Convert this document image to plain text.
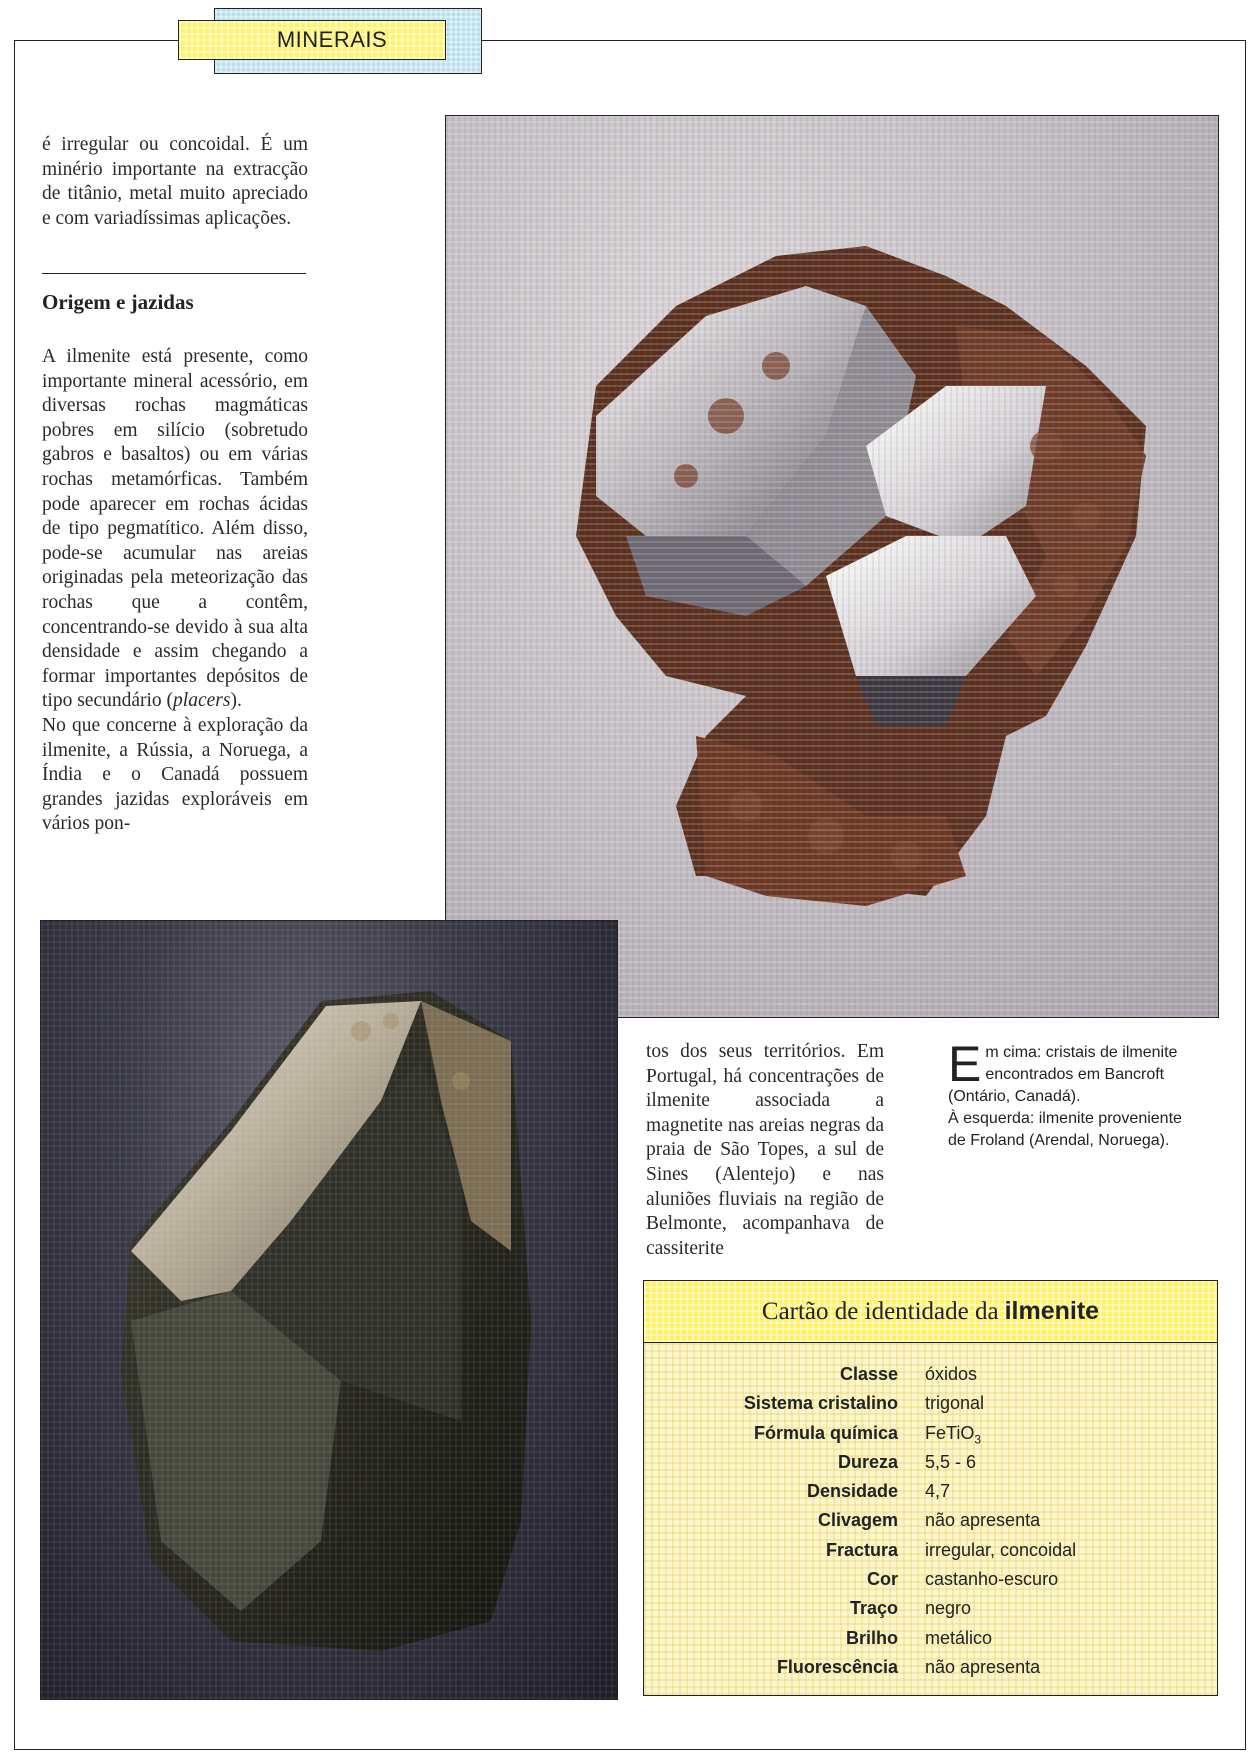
MINERAIS

é irregular ou concoidal. É um minério importante na extracção de titânio, metal muito apreciado e com variadíssimas aplicações.

Origem e jazidas

A ilmenite está presente, como importante mineral acessório, em diversas rochas magmáticas pobres em silício (sobretudo gabros e basaltos) ou em várias rochas metamórficas. Também pode aparecer em rochas ácidas de tipo pegmatítico. Além disso, pode-se acumular nas areias originadas pela meteorização das rochas que a contêm, concentrando-se devido à sua alta densidade e assim chegando a formar importantes depósitos de tipo secundário (placers).

No que concerne à exploração da ilmenite, a Rússia, a Noruega, a Índia e o Canadá possuem grandes jazidas exploráveis em vários pon-

tos dos seus territórios. Em Portugal, há concentrações de ilmenite associada a magnetite nas areias negras da praia de São Topes, a sul de Sines (Alentejo) e nas aluniões fluviais na região de Belmonte, acompanhava de cassiterite

Em cima: cristais de ilmenite encontrados em Bancroft (Ontário, Canadá).
À esquerda: ilmenite proveniente de Froland (Arendal, Noruega).
Cartão de identidade da ilmenite
Classe óxidos
Sistema cristalino trigonal
Fórmula química FeTiO$_3$
Dureza 5,5 - 6
Densidade 4,7
Clivagem não apresenta
Fractura irregular, concoidal
Cor castanho-escuro
Traço negro
Brilho metálico
Fluorescência não apresenta
